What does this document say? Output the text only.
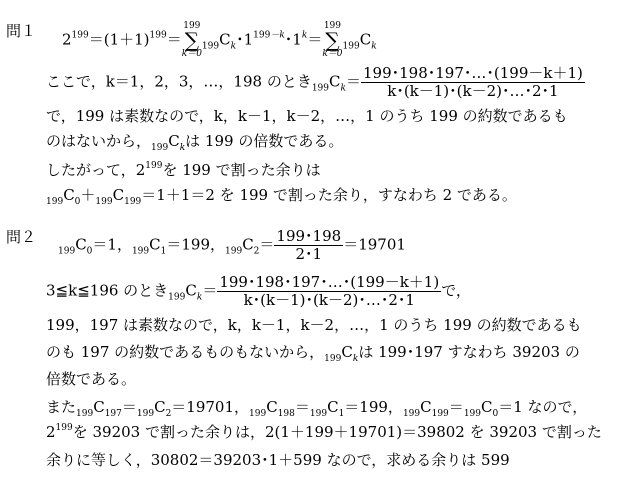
問１ $2^{199}=(1+1)^{199}=$
199
∑
k＝0
$_{199}C_k$･$1^{199-k}$･$1^k=$
199
∑
k＝0
$_{199}C_k$
ここで，k＝1，2，3，…，198 のとき$_{199}C_k= \frac{199･198･197･\dots･(199-k+1)}{k･(k-1)･(k-2)･\dots･2･1}$
で，199 は素数なので，k，k－1，k－2，…，1 のうち 199 の約数であるも
のはないから，$_{199}C_k$は 199 の倍数である。
したがって，$2^{199}$を 199 で割った余りは
$_{199}C_0+_{199}C_{199}=1+1=2$ を 199 で割った余り，すなわち 2 である。
問２
$_{199}C_0=1$，$_{199}C_1=199$，$_{199}C_2= \frac{199･198}{2･1} =19701$
3≦k≦196 のとき$_{199}C_k= \frac{199･198･197･\dots･(199-k+1)}{k･(k-1)･(k-2)･\dots･2･1}$ で，
199，197 は素数なので，k，k－1，k－2，…，1 のうち 199 の約数であるも
のも 197 の約数であるものもないから，$_{199}C_k$は 199･197 すなわち 39203 の
倍数である。
また$_{199}C_{197}=_{199}C_2=19701$，$_{199}C_{198}=_{199}C_1=199$，$_{199}C_{199}=_{199}C_0=1$ なので，
$2^{199}$を 39203 で割った余りは，2(1＋199＋19701)＝39802 を 39203 で割った
余りに等しく，30802＝39203･1＋599 なので，求める余りは 599
